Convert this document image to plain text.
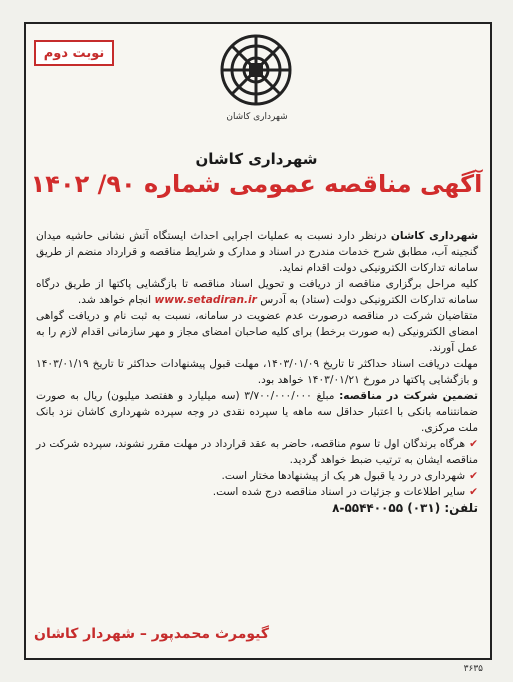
نوبت دوم
شهرداری کاشان
شهرداری کاشان
آگهی مناقصه عمومی شماره ۹۰/ ۱۴۰۲

شهرداری کاشان درنظر دارد نسبت به عملیات اجرایی احداث ایستگاه آتش نشانی حاشیه میدان گنجینه آب، مطابق شرح خدمات مندرج در اسناد و مدارک و شرایط مناقصه و قرارداد منضم از طریق سامانه تدارکات الکترونیکی دولت اقدام نماید.

کلیه مراحل برگزاری مناقصه از دریافت و تحویل اسناد مناقصه تا بازگشایی پاکتها از طریق درگاه سامانه تدارکات الکترونیکی دولت (ستاد) به آدرس www.setadiran.ir انجام خواهد شد.

متقاضیان شرکت در مناقصه درصورت عدم عضویت در سامانه، نسبت به ثبت نام و دریافت گواهی امضای الکترونیکی (به صورت برخط) برای کلیه صاحبان امضای مجاز و مهر سازمانی اقدام لازم را به عمل آورند.

مهلت دریافت اسناد حداکثر تا تاریخ ۱۴۰۳/۰۱/۰۹، مهلت قبول پیشنهادات حداکثر تا تاریخ ۱۴۰۳/۰۱/۱۹ و بازگشایی پاکتها در مورخ ۱۴۰۳/۰۱/۲۱ خواهد بود.

تضمین شرکت در مناقصه: مبلغ ۳/۷۰۰/۰۰۰/۰۰۰ (سه میلیارد و هفتصد میلیون) ریال به صورت ضمانتنامه بانکی با اعتبار حداقل سه ماهه یا سپرده نقدی در وجه سپرده شهرداری کاشان نزد بانک ملت مرکزی.

✔هرگاه برندگان اول تا سوم مناقصه، حاضر به عقد قرارداد در مهلت مقرر نشوند، سپرده شرکت در مناقصه ایشان به ترتیب ضبط خواهد گردید.

✔شهرداری در رد یا قبول هر یک از پیشنهادها مختار است.

✔سایر اطلاعات و جزئیات در اسناد مناقصه درج شده است.

تلفن: (۰۳۱) ۵۵۴۴۰۰۵۵-۸

گیومرث محمدپور – شهردار کاشان
۳۶۳۵
